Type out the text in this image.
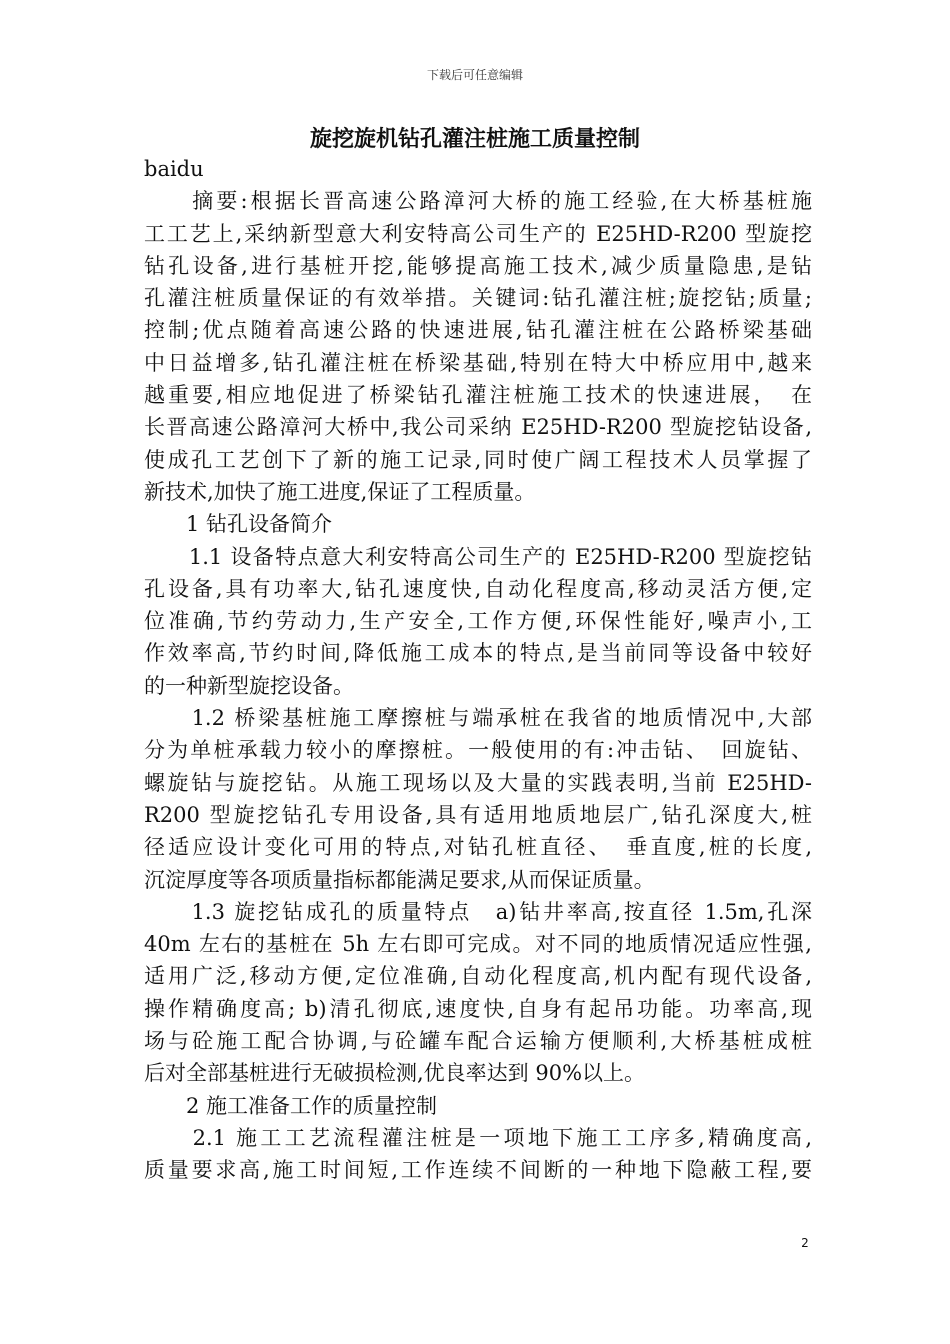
下载后可任意编辑
旋挖旋机钻孔灌注桩施工质量控制
baidu
　　摘要:根据长晋高速公路漳河大桥的施工经验,在大桥基桩施
工工艺上,采纳新型意大利安特高公司生产的 E25HD-R200 型旋挖
钻孔设备,进行基桩开挖,能够提高施工技术,减少质量隐患,是钻
孔灌注桩质量保证的有效举措。关键词:钻孔灌注桩;旋挖钻;质量;
控制;优点随着高速公路的快速进展,钻孔灌注桩在公路桥梁基础
中日益增多,钻孔灌注桩在桥梁基础,特别在特大中桥应用中,越来
越重要,相应地促进了桥梁钻孔灌注桩施工技术的快速进展，　在
长晋高速公路漳河大桥中,我公司采纳 E25HD-R200 型旋挖钻设备,
使成孔工艺创下了新的施工记录,同时使广阔工程技术人员掌握了
新技术,加快了施工进度,保证了工程质量。
　　1 钻孔设备简介
　　1.1 设备特点意大利安特高公司生产的 E25HD-R200 型旋挖钻
孔设备,具有功率大,钻孔速度快,自动化程度高,移动灵活方便,定
位准确,节约劳动力,生产安全,工作方便,环保性能好,噪声小,工
作效率高,节约时间,降低施工成本的特点,是当前同等设备中较好
的一种新型旋挖设备。
　　1.2 桥梁基桩施工摩擦桩与端承桩在我省的地质情况中,大部
分为单桩承载力较小的摩擦桩。一般使用的有:冲击钻、　回旋钻、
螺旋钻与旋挖钻。从施工现场以及大量的实践表明,当前 E25HD-
R200 型旋挖钻孔专用设备,具有适用地质地层广,钻孔深度大,桩
径适应设计变化可用的特点,对钻孔桩直径、　垂直度,桩的长度,
沉淀厚度等各项质量指标都能满足要求,从而保证质量。
　　1.3 旋挖钻成孔的质量特点　a)钻井率高,按直径 1.5m,孔深
40m 左右的基桩在 5h 左右即可完成。对不同的地质情况适应性强,
适用广泛,移动方便,定位准确,自动化程度高,机内配有现代设备,
操作精确度高; b)清孔彻底,速度快,自身有起吊功能。功率高,现
场与砼施工配合协调,与砼罐车配合运输方便顺利,大桥基桩成桩
后对全部基桩进行无破损检测,优良率达到 90%以上。
　　2 施工准备工作的质量控制
　　2.1 施工工艺流程灌注桩是一项地下施工工序多,精确度高,
质量要求高,施工时间短,工作连续不间断的一种地下隐蔽工程,要
2
